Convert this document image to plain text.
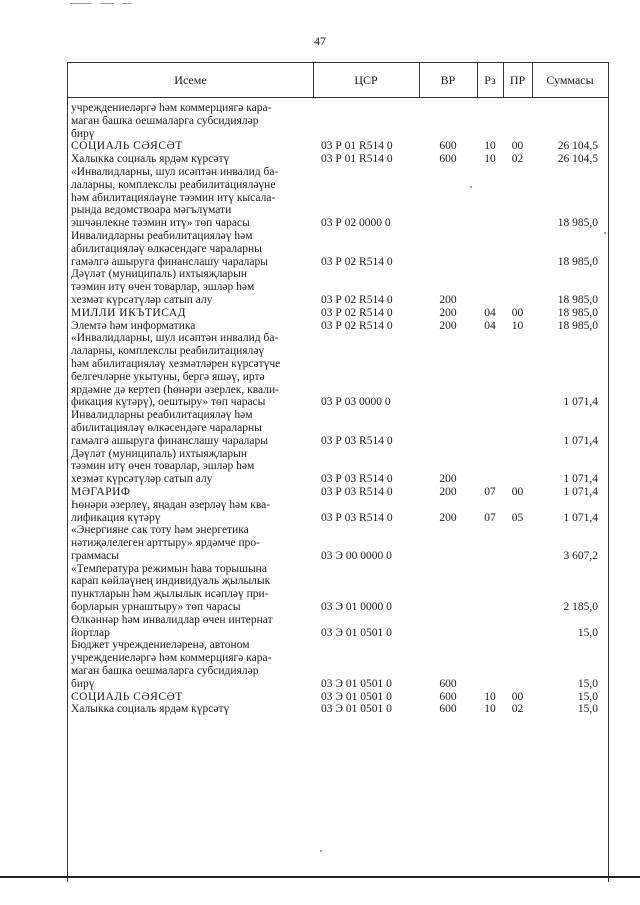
47
Исеме	ЦСР	ВР	Рз	ПР	Суммасы
учреждениеләргә һәм коммерциягә кара-
маган башка оешмаларга субсидияләр
бирү
СОЦИАЛЬ СӘЯСӘТ	03 Р 01 R514 0	600	10	00	26 104,5
Халыкка социаль ярдәм күрсәтү	03 Р 01 R514 0	600	10	02	26 104,5
«Инвалидларны, шул исәптән инвалид ба-
лаларны, комплекслы реабилитацияләүне
һәм абилитацияләүне тәэмин итү кысала-
рында ведомствоара мәгълүмати
эшчәнлекне тәэмин итү» төп чарасы	03 Р 02 0000 0	18 985,0
Инвалидларны реабилитацияләү һәм
абилитацияләү өлкәсендәге чараларны
гамәлгә ашыруга финанслашу чаралары	03 Р 02 R514 0	18 985,0
Дәүләт (муниципаль) ихтыяҗларын
тәэмин итү өчен товарлар, эшләр һәм
хезмәт күрсәтүләр сатып алу	03 Р 02 R514 0	200	18 985,0
МИЛЛИ ИКЪТИСАД	03 Р 02 R514 0	200	04	00	18 985,0
Элемтә һәм информатика	03 Р 02 R514 0	200	04	10	18 985,0
«Инвалидларны, шул исәптән инвалид ба-
лаларны, комплекслы реабилитацияләү
һәм абилитацияләү хезмәтләрен күрсәтүче
белгечләрне укытуны, бергә яшәү, иртә
ярдәмне дә кертеп (һөнәри әзерлек, квали-
фикация күтәрү), оештыру» төп чарасы	03 Р 03 0000 0	1 071,4
Инвалидларны реабилитацияләү һәм
абилитацияләү өлкәсендәге чараларны
гамәлгә ашыруга финанслашу чаралары	03 Р 03 R514 0	1 071,4
Дәүләт (муниципаль) ихтыяҗларын
тәэмин итү өчен товарлар, эшләр һәм
хезмәт күрсәтүләр сатып алу	03 Р 03 R514 0	200	1 071,4
МӘГАРИФ	03 Р 03 R514 0	200	07	00	1 071,4
Һөнәри әзерлеү, яңадан әзерләү һәм ква-
лификация күтәрү	03 Р 03 R514 0	200	07	05	1 071,4
«Энергияне сак тоту һәм энергетика
нәтиҗәлелеген арттыру» ярдәмче про-
граммасы	03 Э 00 0000 0	3 607,2
«Температура режимын һава торышына
карап көйләүнең индивидуаль җылылык
пунктларын һәм җылылык исәпләү при-
борларын урнаштыру» төп чарасы	03 Э 01 0000 0	2 185,0
Өлкәннәр һәм инвалидлар өчен интернат
йортлар	03 Э 01 0501 0	15,0
Бюджет учреждениеләренә, автоном
учреждениеләргә һәм коммерциягә кара-
маган башка оешмаларга субсидияләр
бирү	03 Э 01 0501 0	600	15,0
СОЦИАЛЬ СӘЯСӘТ	03 Э 01 0501 0	600	10	00	15,0
Халыкка социаль ярдәм күрсәтү	03 Э 01 0501 0	600	10	02	15,0
